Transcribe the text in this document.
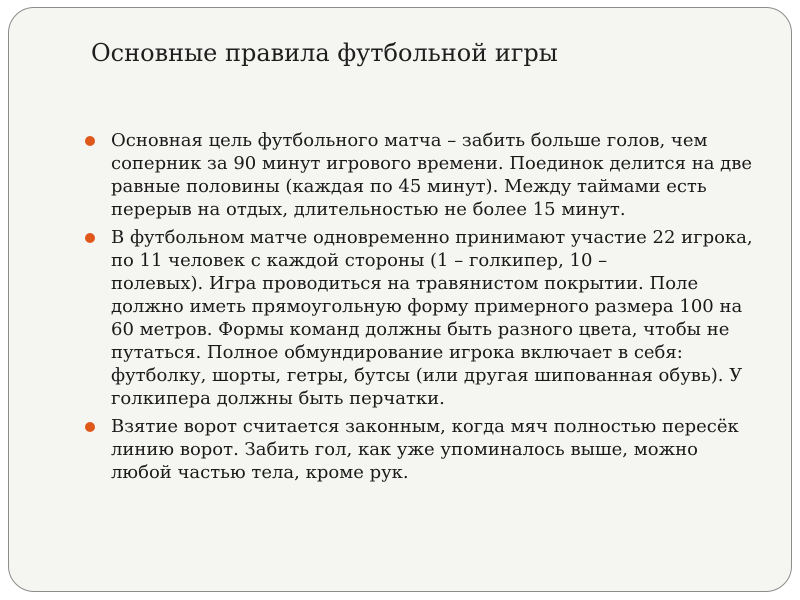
Основные правила футбольной игры
Основная цель футбольного матча – забить больше голов, чем
соперник за 90 минут игрового времени. Поединок делится на две
равные половины (каждая по 45 минут). Между таймами есть
перерыв на отдых, длительностью не более 15 минут.
В футбольном матче одновременно принимают участие 22 игрока,
по 11 человек с каждой стороны (1 – голкипер, 10 –
полевых). Игра проводиться на травянистом покрытии. Поле
должно иметь прямоугольную форму примерного размера 100 на
60 метров. Формы команд должны быть разного цвета, чтобы не
путаться. Полное обмундирование игрока включает в себя:
футболку, шорты, гетры, бутсы (или другая шипованная обувь). У
голкипера должны быть перчатки.
Взятие ворот считается законным, когда мяч полностью пересёк
линию ворот. Забить гол, как уже упоминалось выше, можно
любой частью тела, кроме рук.
